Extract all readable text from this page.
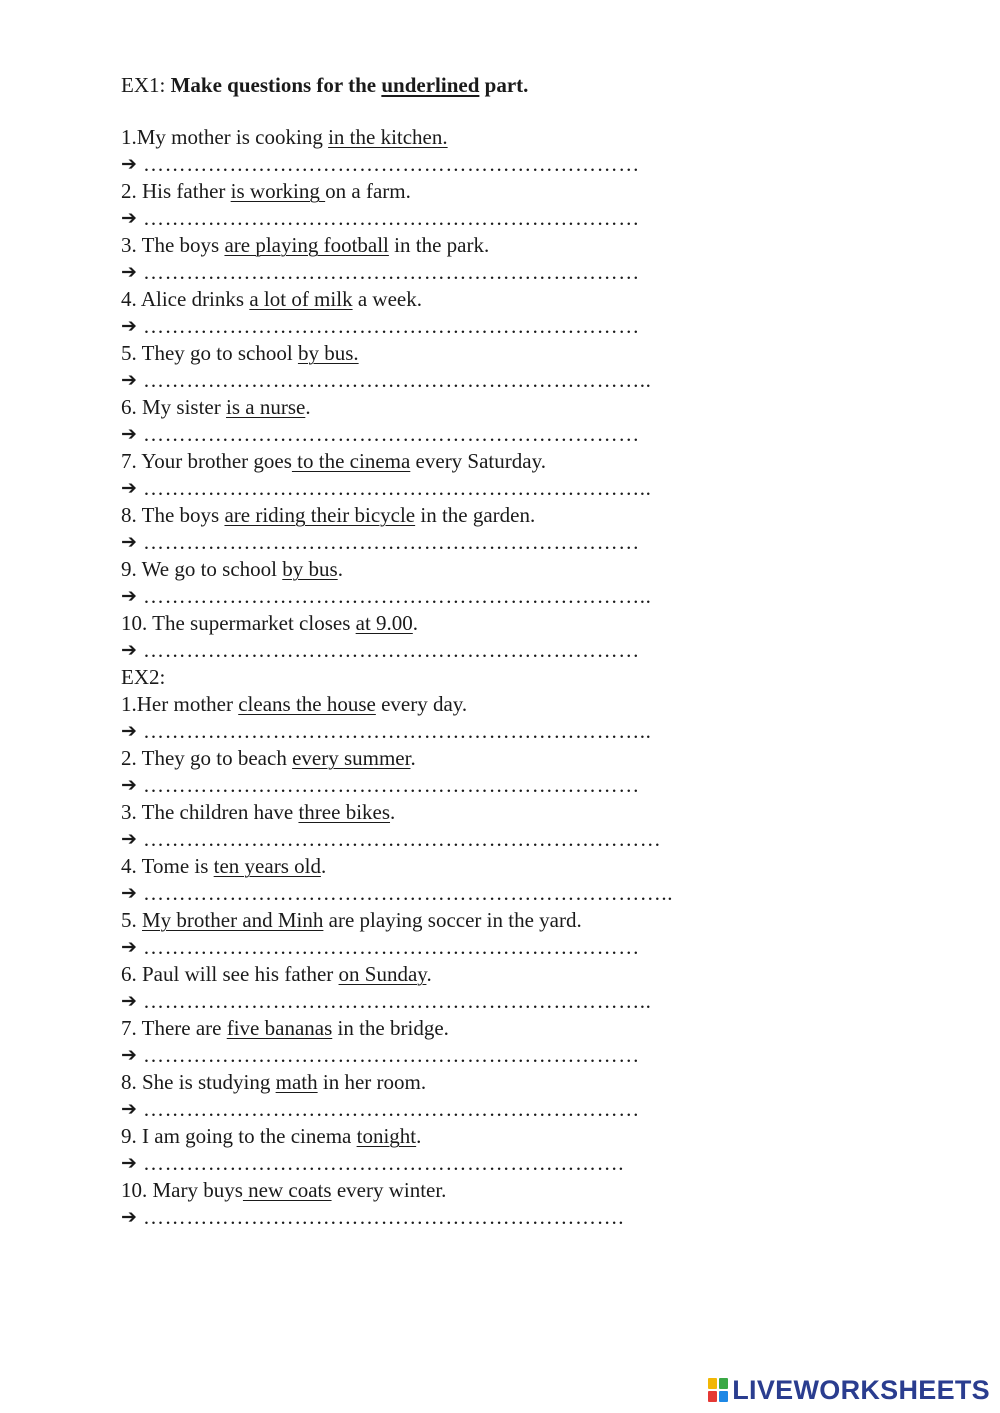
EX1: Make questions for the underlined part.
1.My mother is cooking in the kitchen.
➔ ……………………………………………………………
2. His father is working on a farm.
➔ ……………………………………………………………
3. The boys are playing football in the park.
➔ ……………………………………………………………
4. Alice drinks a lot of milk a week.
➔ ……………………………………………………………
5. They go to school by bus.
➔ ……………………………………………………………..
6. My sister is a nurse.
➔ ……………………………………………………………
7. Your brother goes to the cinema every Saturday.
➔ ……………………………………………………………..
8. The boys are riding their bicycle in the garden.
➔ ……………………………………………………………
9. We go to school by bus.
➔ ……………………………………………………………..
10. The supermarket closes at 9.00.
➔ ……………………………………………………………
EX2:
1.Her mother cleans the house every day.
➔ ……………………………………………………………..
2. They go to beach every summer.
➔ ……………………………………………………………
3. The children have three bikes.
➔ ………………………………………………………………
4. Tome is ten years old.
➔ ………………………………………………………………..
5. My brother and Minh are playing soccer in the yard.
➔ ……………………………………………………………
6. Paul will see his father on Sunday.
➔ ……………………………………………………………..
7. There are five bananas in the bridge.
➔ ……………………………………………………………
8. She is studying math in her room.
➔ ……………………………………………………………
9. I am going to the cinema tonight.
➔ ………………………………………………………….
10. Mary buys new coats every winter.
➔ ………………………………………………………….
LIVEWORKSHEETS
